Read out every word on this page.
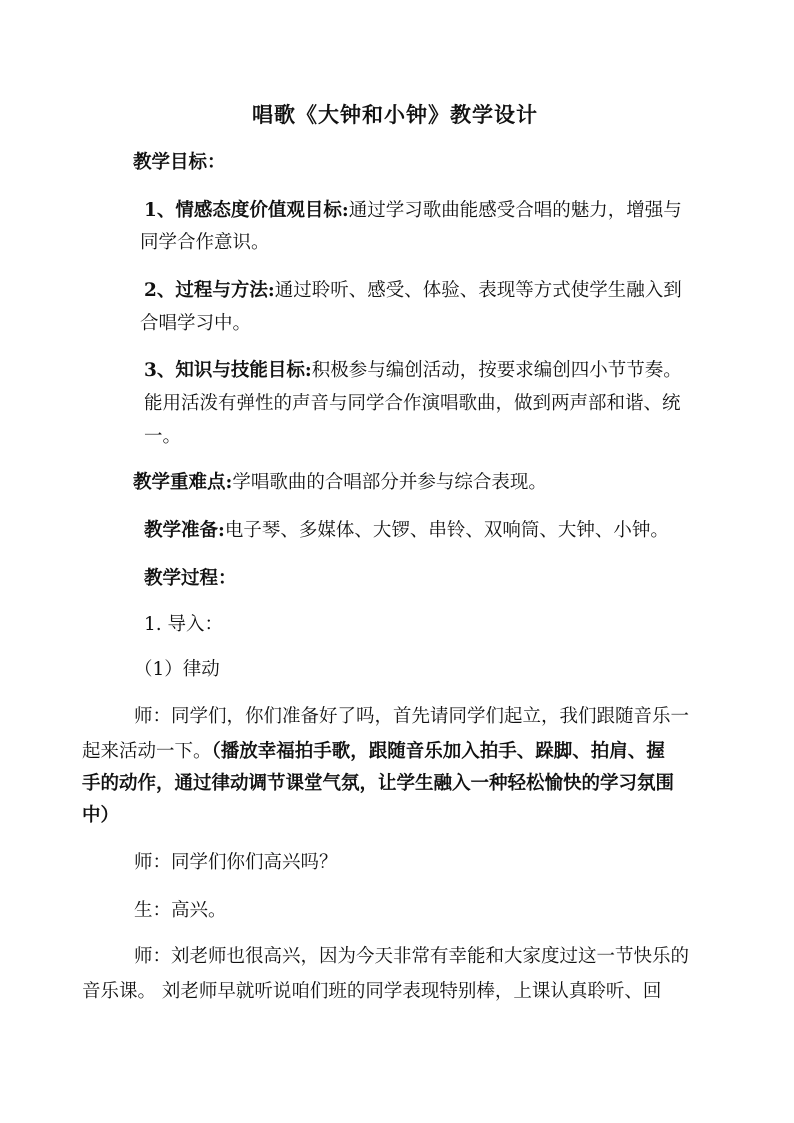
唱歌《大钟和小钟》教学设计
教学目标：
1、情感态度价值观目标:通过学习歌曲能感受合唱的魅力，增强与
同学合作意识。
2、过程与方法:通过聆听、感受、体验、表现等方式使学生融入到
合唱学习中。
3、知识与技能目标:积极参与编创活动，按要求编创四小节节奏。
能用活泼有弹性的声音与同学合作演唱歌曲，做到两声部和谐、统
一。
教学重难点:学唱歌曲的合唱部分并参与综合表现。
教学准备:电子琴、多媒体、大锣、串铃、双响筒、大钟、小钟。
教学过程：
1. 导入：
（1）律动
师：同学们，你们准备好了吗，首先请同学们起立，我们跟随音乐一
起来活动一下。（播放幸福拍手歌，跟随音乐加入拍手、跺脚、拍肩、握
手的动作，通过律动调节课堂气氛，让学生融入一种轻松愉快的学习氛围
中）
师：同学们你们高兴吗？
生：高兴。
师：刘老师也很高兴，因为今天非常有幸能和大家度过这一节快乐的
音乐课。 刘老师早就听说咱们班的同学表现特别棒，上课认真聆听、回
